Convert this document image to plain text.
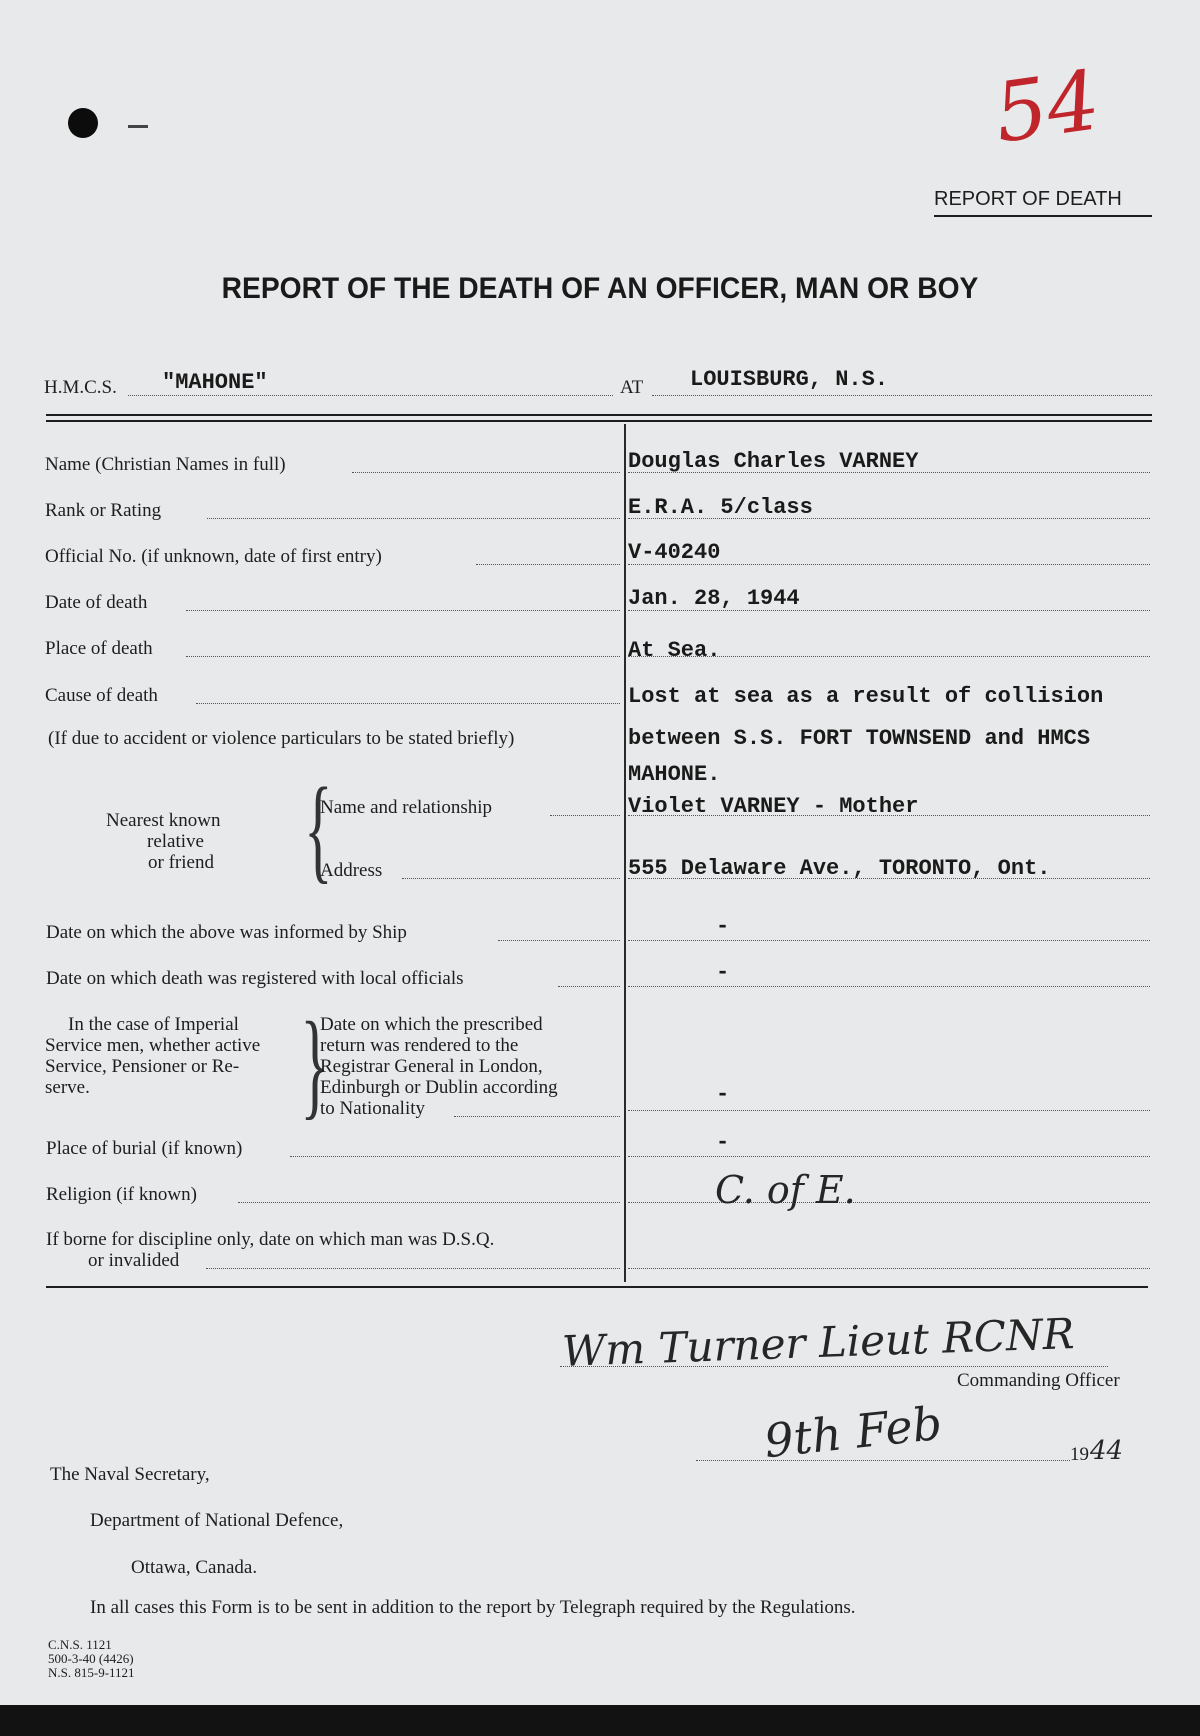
54
REPORT OF DEATH
REPORT OF THE DEATH OF AN OFFICER, MAN OR BOY
H.M.C.S. "MAHONE"	AT LOUISBURG, N.S.
Name (Christian Names in full)	Douglas Charles VARNEY
Rank or Rating	E.R.A. 5/class
Official No. (if unknown, date of first entry)	V-40240
Date of death	Jan. 28, 1944
Place of death	At Sea.
Cause of death	Lost at sea as a result of collision
(If due to accident or violence particulars to be stated briefly)	between S.S. FORT TOWNSEND and HMCS
MAHONE.
Nearest known
relative
or friend {
Name and relationship	Violet VARNEY - Mother
Address	555 Delaware Ave., TORONTO, Ont.
Date on which the above was informed by Ship	-
Date on which death was registered with local officials	-
In the case of Imperial
Service men, whether active
Service, Pensioner or Re-
serve. }
Date on which the prescribed
return was rendered to the
Registrar General in London,
Edinburgh or Dublin according
to Nationality
-
Place of burial (if known)	-
Religion (if known)	C. of E.
If borne for discipline only, date on which man was D.S.Q.
or invalided
Wm Turner Lieut RCNR
Commanding Officer
9th Feb	19 44
The Naval Secretary,
Department of National Defence,
Ottawa, Canada.
In all cases this Form is to be sent in addition to the report by Telegraph required by the Regulations.
C.N.S. 1121
500-3-40 (4426)
N.S. 815-9-1121
